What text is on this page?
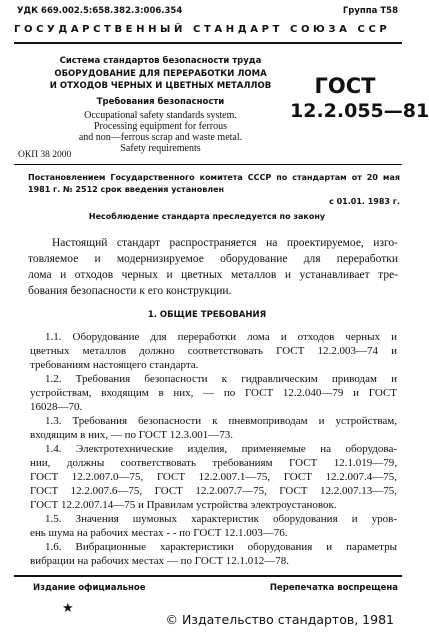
УДК 669.002.5:658.382.3:006.354	Группа Т58
ГОСУДАРСТВЕННЫЙ СТАНДАРТ СОЮЗА ССР
Система стандартов безопасности труда
ОБОРУДОВАНИЕ ДЛЯ ПЕРЕРАБОТКИ ЛОМА
И ОТХОДОВ ЧЕРНЫХ И ЦВЕТНЫХ МЕТАЛЛОВ
Требования безопасности
Occupational safety standards system.
Processing equipment for ferrous
and non—ferrous scrap and waste metal.
Safety requirements
ГОСТ
12.2.055—81
ОКП 38 2000
Постановлением Государственного комитета СССР по стандартам от 20 мая
1981 г. № 2512 срок введения установлен
с 01.01. 1983 г.
Несоблюдение стандарта преследуется по закону
Настоящий стандарт распространяется на проектируемое, изго-
товляемое и модернизируемое оборудование для переработки
лома и отходов черных и цветных металлов и устанавливает тре-
бования безопасности к его конструкции.
1. ОБЩИЕ ТРЕБОВАНИЯ
1.1. Оборудование для переработки лома и отходов черных и
цветных металлов должно соответствовать ГОСТ 12.2.003—74 и
требованиям настоящего стандарта.
1.2. Требования безопасности к гидравлическим приводам и
устройствам, входящим в них, — по ГОСТ 12.2.040—79 и ГОСТ
16028—70.
1.3. Требования безопасности к пневмоприводам и устройствам,
входящим в них, — по ГОСТ 12.3.001—73.
1.4. Электротехнические изделия, применяемые на оборудова-
нии, должны соответствовать требованиям ГОСТ 12.1.019—79,
ГОСТ 12.2.007.0—75, ГОСТ 12.2.007.1—75, ГОСТ 12.2.007.4—75,
ГОСТ 12.2.007.6—75, ГОСТ 12.2.007.7—75, ГОСТ 12.2.007.13—75,
ГОСТ 12.2.007.14—75 и Правилам устройства электроустановок.
1.5. Значения шумовых характеристик оборудования и уров-
ень шума на рабочих местах - - по ГОСТ 12.1.003—76.
1.6. Вибрационные характеристики оборудования и параметры
вибрации на рабочих местах — по ГОСТ 12.1.012—78.
Издание официальное	Перепечатка воспрещена
★
© Издательство стандартов, 1981
